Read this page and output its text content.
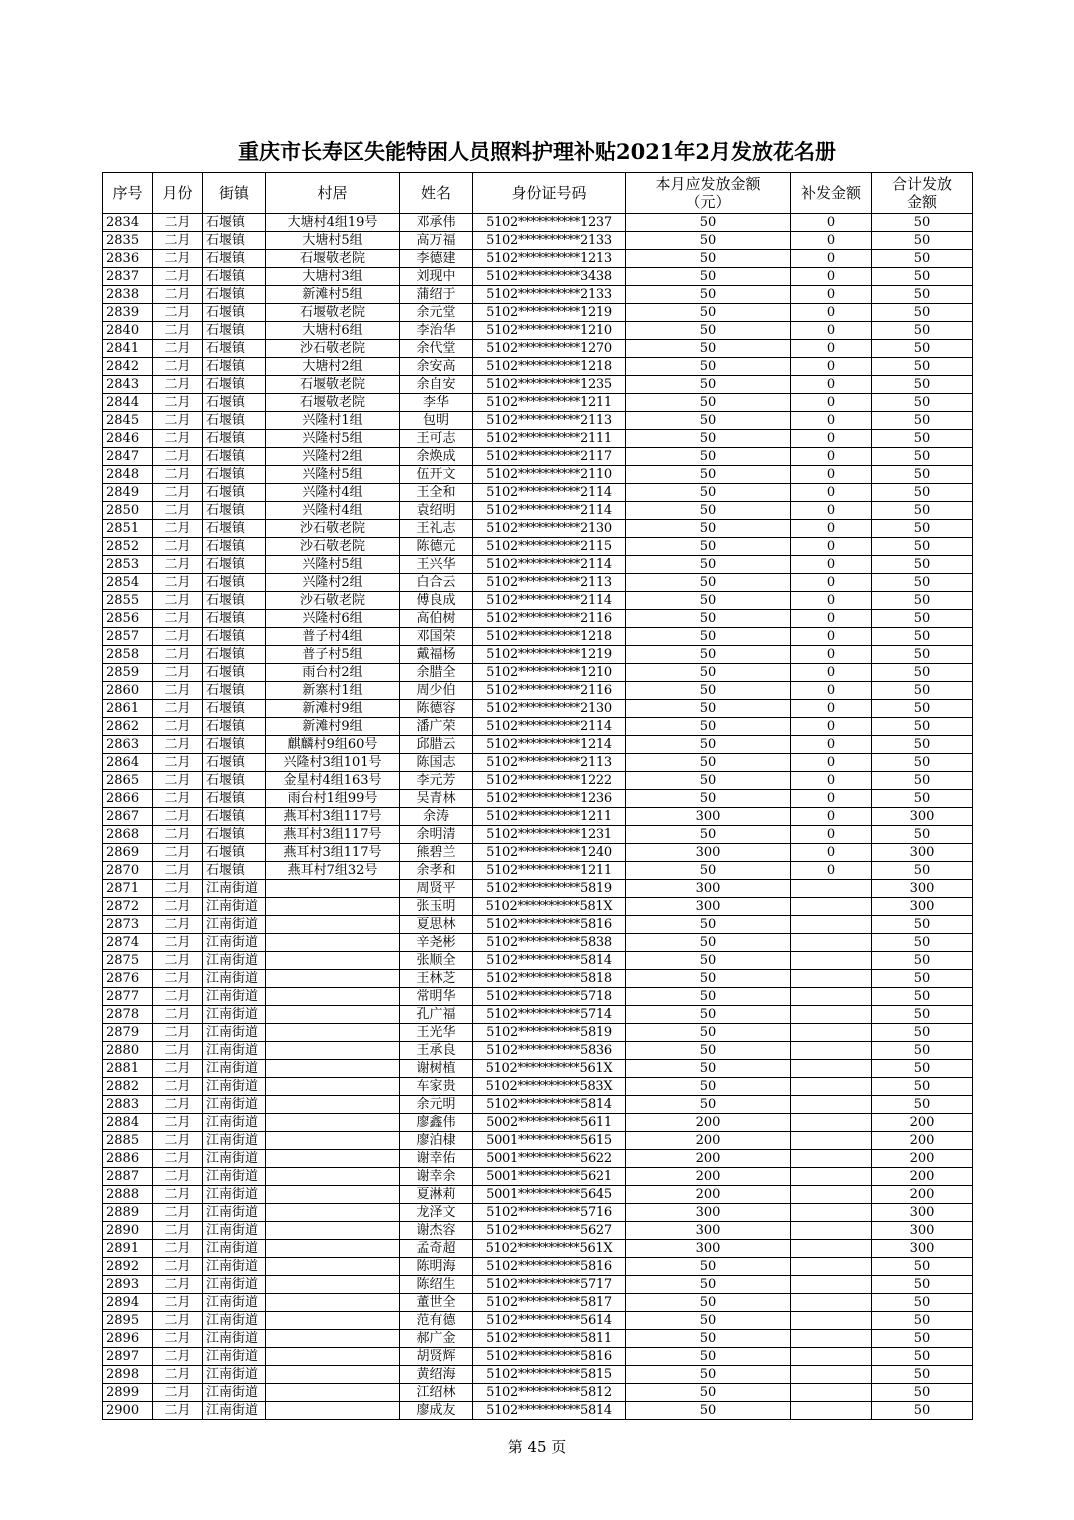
重庆市长寿区失能特困人员照料护理补贴2021年2月发放花名册
序号	月份	街镇	村居	姓名	身份证号码	本月应发放金额（元）	补发金额	合计发放金额
2834	二月	石堰镇	大塘村4组19号	邓承伟	5102**********1237	50	0	50
2835	二月	石堰镇	大塘村5组	高万福	5102**********2133	50	0	50
2836	二月	石堰镇	石堰敬老院	李德建	5102**********1213	50	0	50
2837	二月	石堰镇	大塘村3组	刘现中	5102**********3438	50	0	50
2838	二月	石堰镇	新滩村5组	蒲绍于	5102**********2133	50	0	50
2839	二月	石堰镇	石堰敬老院	余元堂	5102**********1219	50	0	50
2840	二月	石堰镇	大塘村6组	李治华	5102**********1210	50	0	50
2841	二月	石堰镇	沙石敬老院	余代堂	5102**********1270	50	0	50
2842	二月	石堰镇	大塘村2组	余安高	5102**********1218	50	0	50
2843	二月	石堰镇	石堰敬老院	余自安	5102**********1235	50	0	50
2844	二月	石堰镇	石堰敬老院	李华	5102**********1211	50	0	50
2845	二月	石堰镇	兴隆村1组	包明	5102**********2113	50	0	50
2846	二月	石堰镇	兴隆村5组	王可志	5102**********2111	50	0	50
2847	二月	石堰镇	兴隆村2组	余焕成	5102**********2117	50	0	50
2848	二月	石堰镇	兴隆村5组	伍开文	5102**********2110	50	0	50
2849	二月	石堰镇	兴隆村4组	王全和	5102**********2114	50	0	50
2850	二月	石堰镇	兴隆村4组	袁绍明	5102**********2114	50	0	50
2851	二月	石堰镇	沙石敬老院	王礼志	5102**********2130	50	0	50
2852	二月	石堰镇	沙石敬老院	陈德元	5102**********2115	50	0	50
2853	二月	石堰镇	兴隆村5组	王兴华	5102**********2114	50	0	50
2854	二月	石堰镇	兴隆村2组	白合云	5102**********2113	50	0	50
2855	二月	石堰镇	沙石敬老院	傅良成	5102**********2114	50	0	50
2856	二月	石堰镇	兴隆村6组	高伯树	5102**********2116	50	0	50
2857	二月	石堰镇	普子村4组	邓国荣	5102**********1218	50	0	50
2858	二月	石堰镇	普子村5组	戴福杨	5102**********1219	50	0	50
2859	二月	石堰镇	雨台村2组	余腊全	5102**********1210	50	0	50
2860	二月	石堰镇	新寨村1组	周少伯	5102**********2116	50	0	50
2861	二月	石堰镇	新滩村9组	陈德容	5102**********2130	50	0	50
2862	二月	石堰镇	新滩村9组	潘广荣	5102**********2114	50	0	50
2863	二月	石堰镇	麒麟村9组60号	邱腊云	5102**********1214	50	0	50
2864	二月	石堰镇	兴隆村3组101号	陈国志	5102**********2113	50	0	50
2865	二月	石堰镇	金星村4组163号	李元芳	5102**********1222	50	0	50
2866	二月	石堰镇	雨台村1组99号	吴青林	5102**********1236	50	0	50
2867	二月	石堰镇	燕耳村3组117号	余涛	5102**********1211	300	0	300
2868	二月	石堰镇	燕耳村3组117号	余明清	5102**********1231	50	0	50
2869	二月	石堰镇	燕耳村3组117号	熊碧兰	5102**********1240	300	0	300
2870	二月	石堰镇	燕耳村7组32号	余孝和	5102**********1211	50	0	50
2871	二月	江南街道		周贤平	5102**********5819	300		300
2872	二月	江南街道		张玉明	5102**********581X	300		300
2873	二月	江南街道		夏思林	5102**********5816	50		50
2874	二月	江南街道		辛尧彬	5102**********5838	50		50
2875	二月	江南街道		张顺全	5102**********5814	50		50
2876	二月	江南街道		王林芝	5102**********5818	50		50
2877	二月	江南街道		常明华	5102**********5718	50		50
2878	二月	江南街道		孔广福	5102**********5714	50		50
2879	二月	江南街道		王光华	5102**********5819	50		50
2880	二月	江南街道		王承良	5102**********5836	50		50
2881	二月	江南街道		谢树植	5102**********561X	50		50
2882	二月	江南街道		车家贵	5102**********583X	50		50
2883	二月	江南街道		余元明	5102**********5814	50		50
2884	二月	江南街道		廖鑫伟	5002**********5611	200		200
2885	二月	江南街道		廖泊棣	5001**********5615	200		200
2886	二月	江南街道		谢幸佑	5001**********5622	200		200
2887	二月	江南街道		谢幸余	5001**********5621	200		200
2888	二月	江南街道		夏淋莉	5001**********5645	200		200
2889	二月	江南街道		龙泽文	5102**********5716	300		300
2890	二月	江南街道		谢杰容	5102**********5627	300		300
2891	二月	江南街道		孟奇超	5102**********561X	300		300
2892	二月	江南街道		陈明海	5102**********5816	50		50
2893	二月	江南街道		陈绍生	5102**********5717	50		50
2894	二月	江南街道		董世全	5102**********5817	50		50
2895	二月	江南街道		范有德	5102**********5614	50		50
2896	二月	江南街道		郝广金	5102**********5811	50		50
2897	二月	江南街道		胡贤辉	5102**********5816	50		50
2898	二月	江南街道		黄绍海	5102**********5815	50		50
2899	二月	江南街道		江绍林	5102**********5812	50		50
2900	二月	江南街道		廖成友	5102**********5814	50		50
第 45 页
